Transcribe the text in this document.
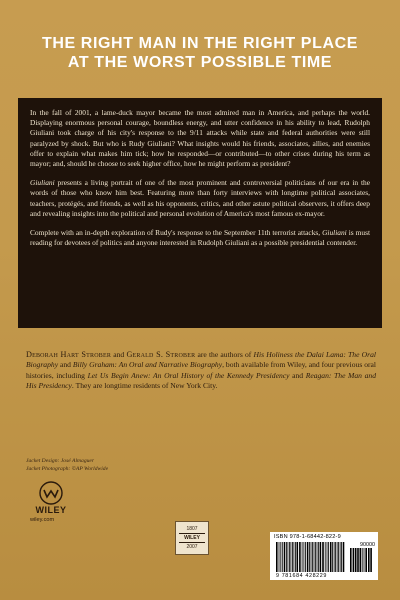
THE RIGHT MAN IN THE RIGHT PLACE
AT THE WORST POSSIBLE TIME

In the fall of 2001, a lame-duck mayor became the most admired man in America, and perhaps the world. Displaying enormous personal courage, boundless energy, and utter confidence in his ability to lead, Rudolph Giuliani took charge of his city's response to the 9/11 attacks while state and federal authorities were still paralyzed by shock. But who is Rudy Giuliani? What insights would his friends, associates, allies, and enemies offer to explain what makes him tick; how he responded—or contributed—to other crises during his term as mayor; and, should he choose to seek higher office, how he might perform as president?

Giuliani presents a living portrait of one of the most prominent and controversial politicians of our era in the words of those who know him best. Featuring more than forty interviews with longtime political associates, teachers, protégés, and friends, as well as his opponents, critics, and other astute political observers, it offers deep and revealing insights into the political and personal evolution of America's most famous ex-mayor.

Complete with an in-depth exploration of Rudy's response to the September 11th terrorist attacks, Giuliani is must reading for devotees of politics and anyone interested in Rudolph Giuliani as a possible presidential contender.

Deborah Hart Strober and Gerald S. Strober are the authors of His Holiness the Dalai Lama: The Oral Biography and Billy Graham: An Oral and Narrative Biography, both available from Wiley, and four previous oral histories, including Let Us Begin Anew: An Oral History of the Kennedy Presidency and Reagan: The Man and His Presidency. They are longtime residents of New York City.
Jacket Design: José Almaguer
Jacket Photograph: ©AP Worldwide
WILEY
wiley.com
1807
WILEY
2007
ISBN 978-1-68442-822-9
90000
9 781684 428229
